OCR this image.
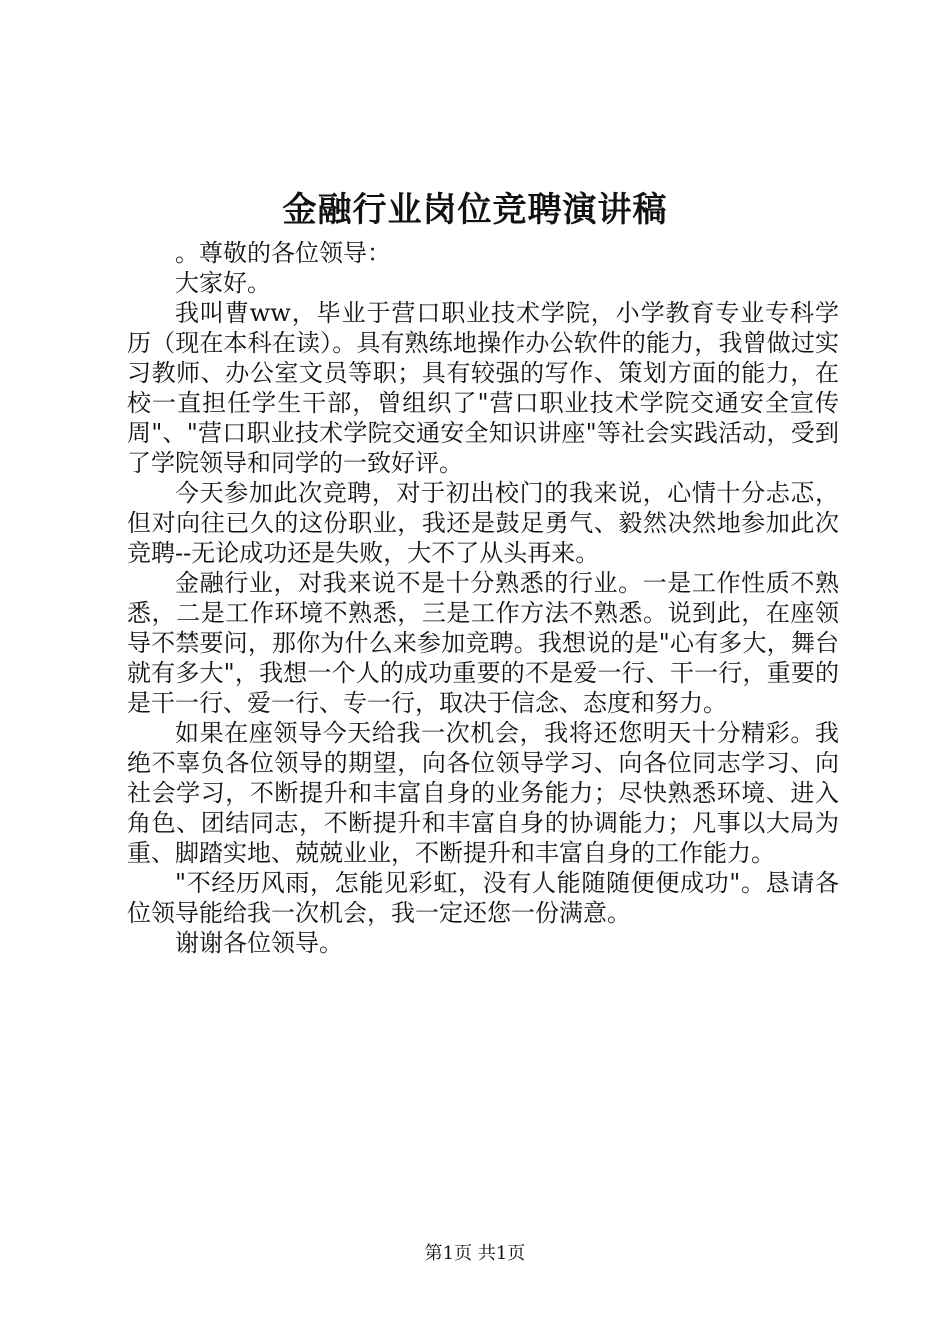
金融行业岗位竞聘演讲稿

。尊敬的各位领导：

大家好。

我叫曹ww，毕业于营口职业技术学院，小学教育专业专科学历（现在本科在读）。具有熟练地操作办公软件的能力，我曾做过实习教师、办公室文员等职；具有较强的写作、策划方面的能力，在校一直担任学生干部，曾组织了"营口职业技术学院交通安全宣传周"、"营口职业技术学院交通安全知识讲座"等社会实践活动，受到了学院领导和同学的一致好评。

今天参加此次竞聘，对于初出校门的我来说，心情十分忐忑，但对向往已久的这份职业，我还是鼓足勇气、毅然决然地参加此次竞聘--无论成功还是失败，大不了从头再来。

金融行业，对我来说不是十分熟悉的行业。一是工作性质不熟悉，二是工作环境不熟悉，三是工作方法不熟悉。说到此，在座领导不禁要问，那你为什么来参加竞聘。我想说的是"心有多大，舞台就有多大"，我想一个人的成功重要的不是爱一行、干一行，重要的是干一行、爱一行、专一行，取决于信念、态度和努力。

如果在座领导今天给我一次机会，我将还您明天十分精彩。我绝不辜负各位领导的期望，向各位领导学习、向各位同志学习、向社会学习，不断提升和丰富自身的业务能力；尽快熟悉环境、进入角色、团结同志，不断提升和丰富自身的协调能力；凡事以大局为重、脚踏实地、兢兢业业，不断提升和丰富自身的工作能力。

"不经历风雨，怎能见彩虹，没有人能随随便便成功"。恳请各位领导能给我一次机会，我一定还您一份满意。

谢谢各位领导。

第1页 共1页
